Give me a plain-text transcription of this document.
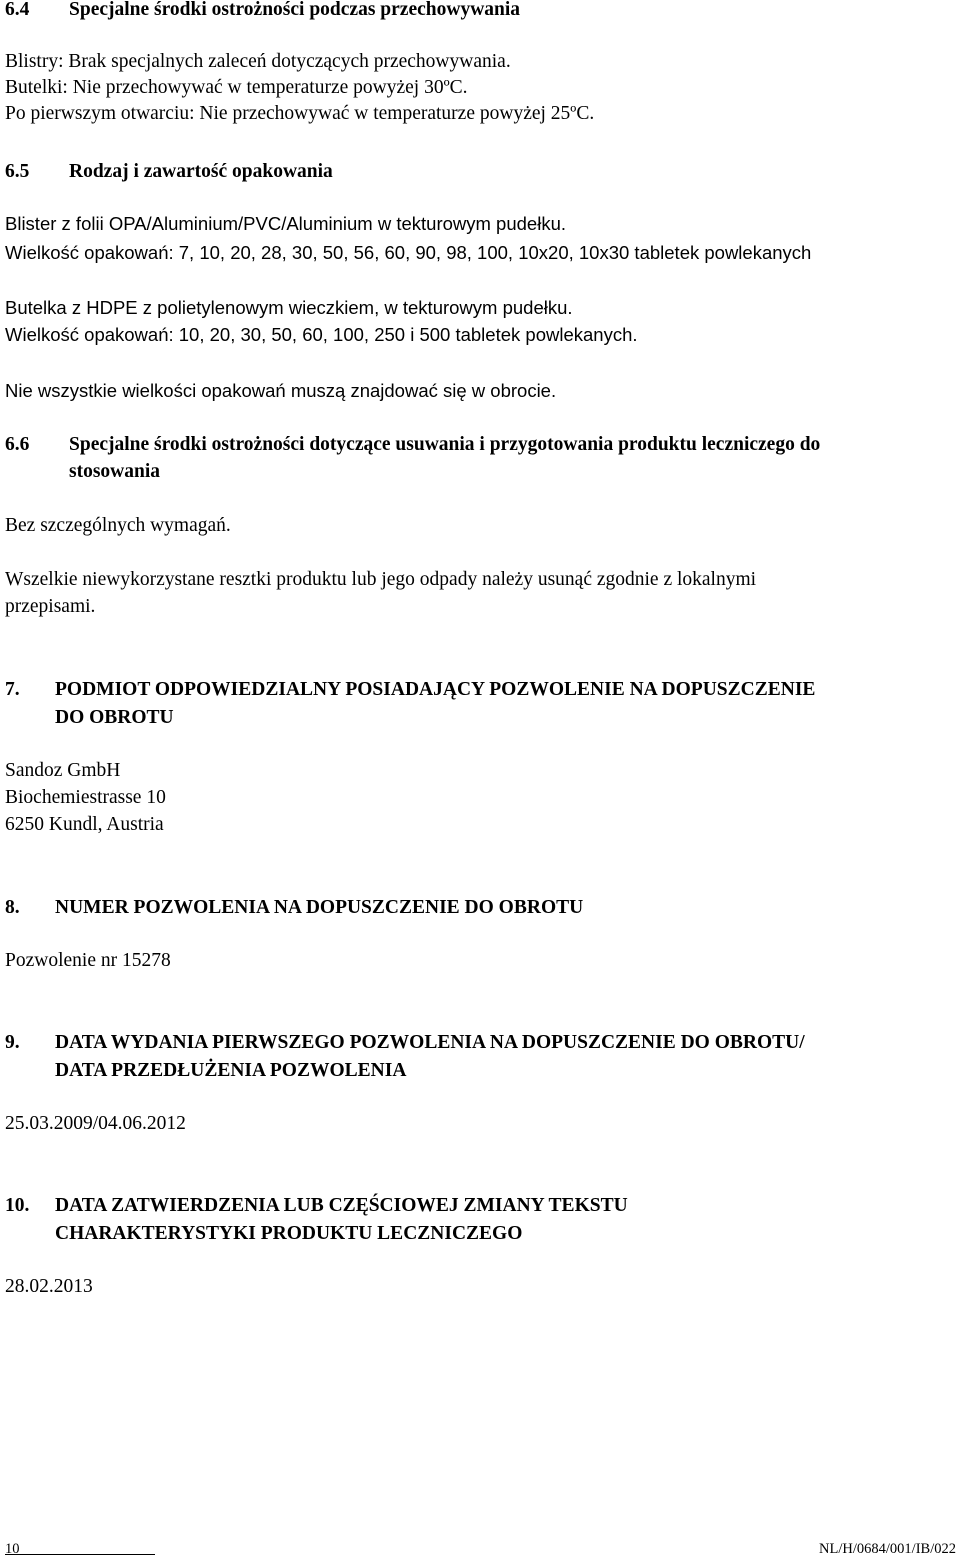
6.4 Specjalne środki ostrożności podczas przechowywania
Blistry: Brak specjalnych zaleceń dotyczących przechowywania.
Butelki: Nie przechowywać w temperaturze powyżej 30ºC.
Po pierwszym otwarciu: Nie przechowywać w temperaturze powyżej 25ºC.
6.5 Rodzaj i zawartość opakowania
Blister z folii OPA/Aluminium/PVC/Aluminium w tekturowym pudełku.
Wielkość opakowań: 7, 10, 20, 28, 30, 50, 56, 60, 90, 98, 100, 10x20, 10x30 tabletek powlekanych
Butelka z HDPE z polietylenowym wieczkiem, w tekturowym pudełku.
Wielkość opakowań: 10, 20, 30, 50, 60, 100, 250 i 500 tabletek powlekanych.
Nie wszystkie wielkości opakowań muszą znajdować się w obrocie.
6.6 Specjalne środki ostrożności dotyczące usuwania i przygotowania produktu leczniczego do
stosowania
Bez szczególnych wymagań.
Wszelkie niewykorzystane resztki produktu lub jego odpady należy usunąć zgodnie z lokalnymi
przepisami.
7. PODMIOT ODPOWIEDZIALNY POSIADAJĄCY POZWOLENIE NA DOPUSZCZENIE
DO OBROTU
Sandoz GmbH
Biochemiestrasse 10
6250 Kundl, Austria
8. NUMER POZWOLENIA NA DOPUSZCZENIE DO OBROTU
Pozwolenie nr 15278
9. DATA WYDANIA PIERWSZEGO POZWOLENIA NA DOPUSZCZENIE DO OBROTU/
DATA PRZEDŁUŻENIA POZWOLENIA
25.03.2009/04.06.2012
10. DATA ZATWIERDZENIA LUB CZĘŚCIOWEJ ZMIANY TEKSTU
CHARAKTERYSTYKI PRODUKTU LECZNICZEGO
28.02.2013
10	NL/H/0684/001/IB/022
